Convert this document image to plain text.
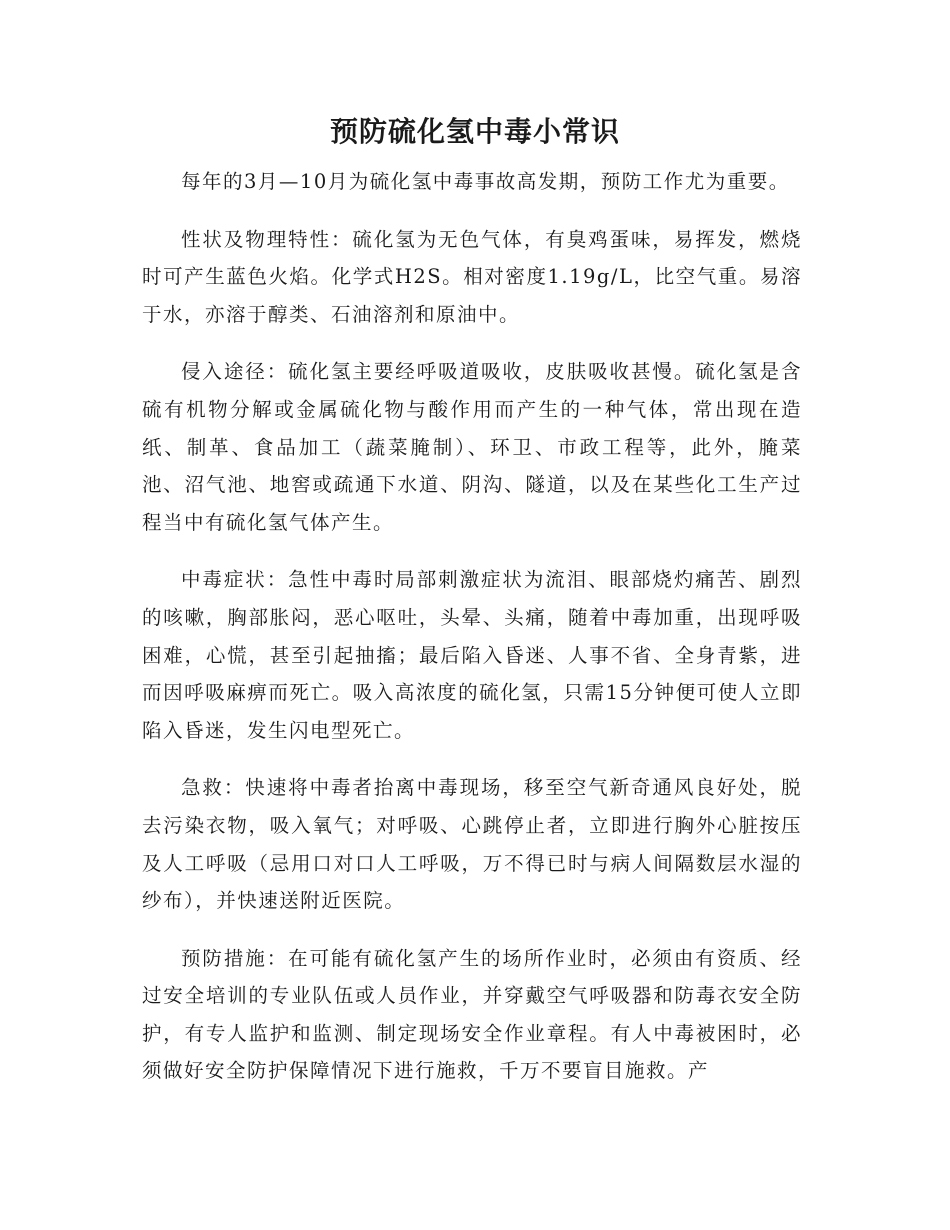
预防硫化氢中毒小常识

每年的3月—10月为硫化氢中毒事故高发期，预防工作尤为重要。

性状及物理特性：硫化氢为无色气体，有臭鸡蛋味，易挥发，燃烧时可产生蓝色火焰。化学式H2S。相对密度1.19g/L，比空气重。易溶于水，亦溶于醇类、石油溶剂和原油中。

侵入途径：硫化氢主要经呼吸道吸收，皮肤吸收甚慢。硫化氢是含硫有机物分解或金属硫化物与酸作用而产生的一种气体，常出现在造纸、制革、食品加工（蔬菜腌制）、环卫、市政工程等，此外，腌菜池、沼气池、地窖或疏通下水道、阴沟、隧道，以及在某些化工生产过程当中有硫化氢气体产生。

中毒症状：急性中毒时局部刺激症状为流泪、眼部烧灼痛苦、剧烈的咳嗽，胸部胀闷，恶心呕吐，头晕、头痛，随着中毒加重，出现呼吸困难，心慌，甚至引起抽搐；最后陷入昏迷、人事不省、全身青紫，进而因呼吸麻痹而死亡。吸入高浓度的硫化氢，只需15分钟便可使人立即陷入昏迷，发生闪电型死亡。

急救：快速将中毒者抬离中毒现场，移至空气新奇通风良好处，脱去污染衣物，吸入氧气；对呼吸、心跳停止者，立即进行胸外心脏按压及人工呼吸（忌用口对口人工呼吸，万不得已时与病人间隔数层水湿的纱布），并快速送附近医院。

预防措施：在可能有硫化氢产生的场所作业时，必须由有资质、经过安全培训的专业队伍或人员作业，并穿戴空气呼吸器和防毒衣安全防护，有专人监护和监测、制定现场安全作业章程。有人中毒被困时，必须做好安全防护保障情况下进行施救，千万不要盲目施救。产
